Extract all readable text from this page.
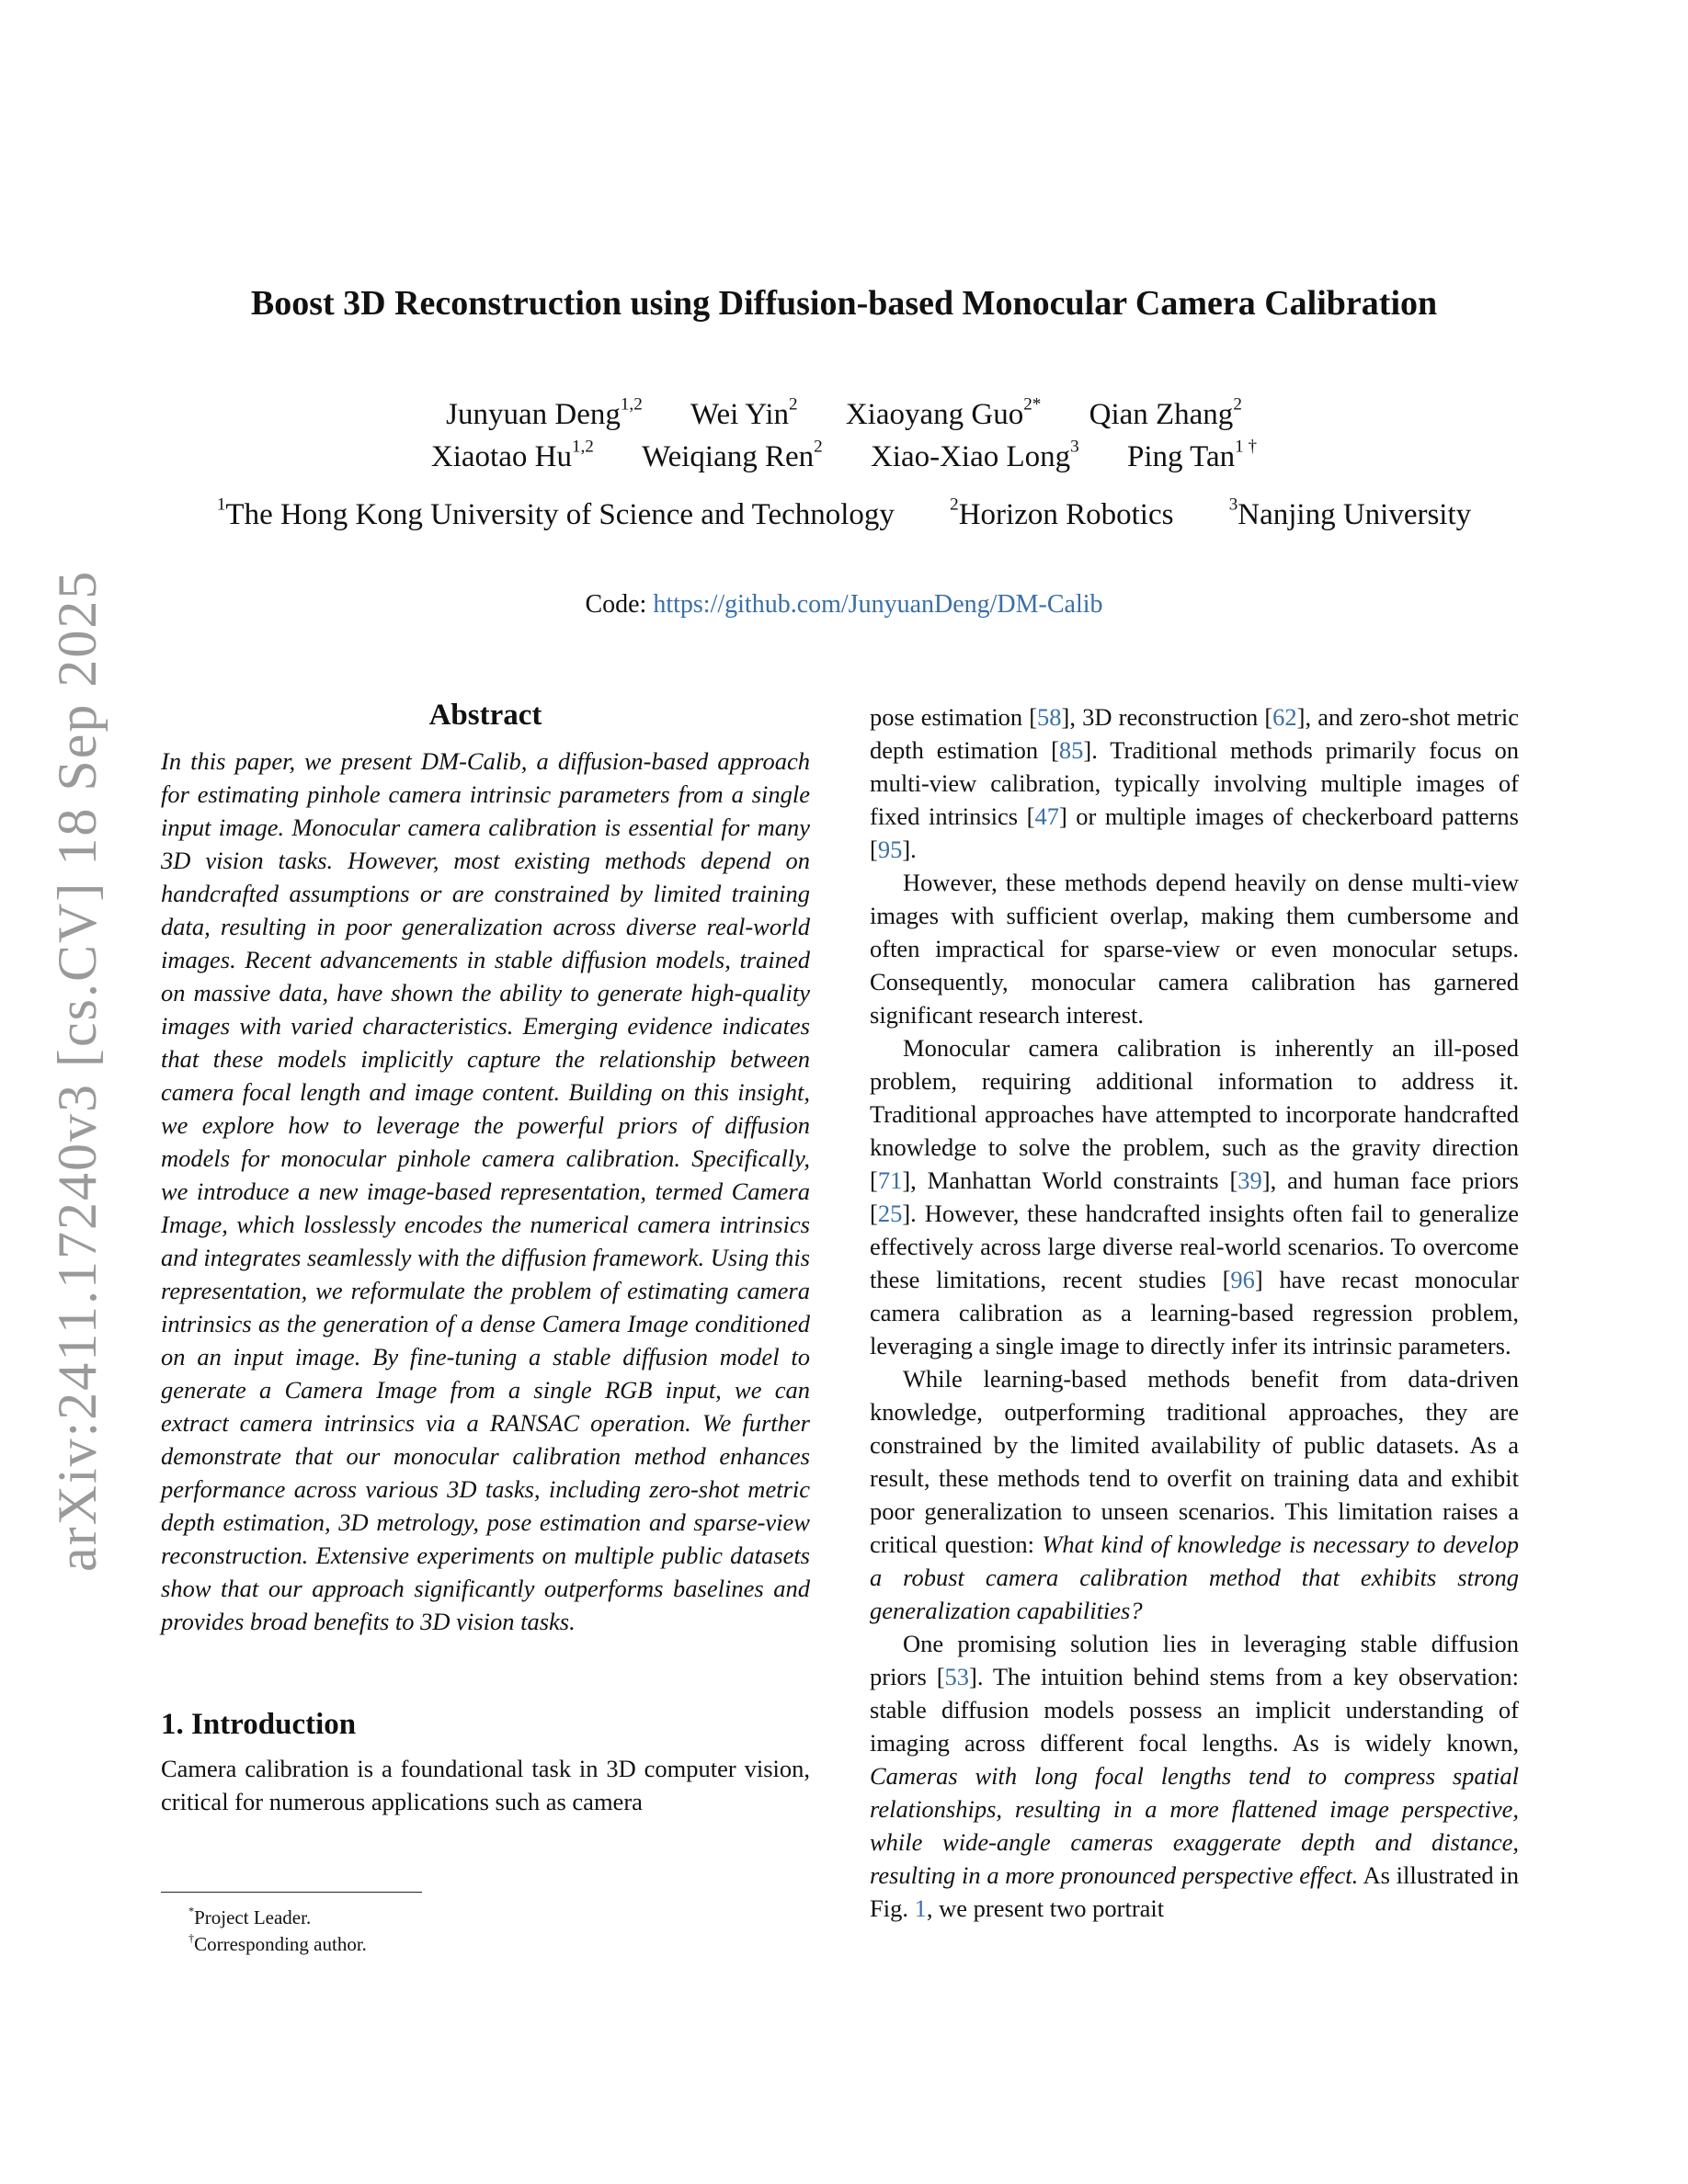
arXiv:2411.17240v3 [cs.CV] 18 Sep 2025
Boost 3D Reconstruction using Diffusion-based Monocular Camera Calibration
Junyuan Deng$^{1,2}$ Wei Yin$^2$ Xiaoyang Guo$^{2*}$ Qian Zhang$^2$
Xiaotao Hu$^{1,2}$ Weiqiang Ren$^2$ Xiao-Xiao Long$^3$ Ping Tan$^{1 \dagger}$
$^1$The Hong Kong University of Science and Technology	$^2$Horizon Robotics	$^3$Nanjing University
Code: https://github.com/JunyuanDeng/DM-Calib
Abstract

In this paper, we present DM-Calib, a diffusion-based approach for estimating pinhole camera intrinsic parameters from a single input image. Monocular camera calibration is essential for many 3D vision tasks. However, most existing methods depend on handcrafted assumptions or are constrained by limited training data, resulting in poor generalization across diverse real-world images. Recent advancements in stable diffusion models, trained on massive data, have shown the ability to generate high-quality images with varied characteristics. Emerging evidence indicates that these models implicitly capture the relationship between camera focal length and image content. Building on this insight, we explore how to leverage the powerful priors of diffusion models for monocular pinhole camera calibration. Specifically, we introduce a new image-based representation, termed Camera Image, which losslessly encodes the numerical camera intrinsics and integrates seamlessly with the diffusion framework. Using this representation, we reformulate the problem of estimating camera intrinsics as the generation of a dense Camera Image conditioned on an input image. By fine-tuning a stable diffusion model to generate a Camera Image from a single RGB input, we can extract camera intrinsics via a RANSAC operation. We further demonstrate that our monocular calibration method enhances performance across various 3D tasks, including zero-shot metric depth estimation, 3D metrology, pose estimation and sparse-view reconstruction. Extensive experiments on multiple public datasets show that our approach significantly outperforms baselines and provides broad benefits to 3D vision tasks.

1. Introduction

Camera calibration is a foundational task in 3D computer vision, critical for numerous applications such as camera

*Project Leader.
†Corresponding author.

pose estimation [58], 3D reconstruction [62], and zero-shot metric depth estimation [85]. Traditional methods primarily focus on multi-view calibration, typically involving multiple images of fixed intrinsics [47] or multiple images of checkerboard patterns [95].

However, these methods depend heavily on dense multi-view images with sufficient overlap, making them cumbersome and often impractical for sparse-view or even monocular setups. Consequently, monocular camera calibration has garnered significant research interest.

Monocular camera calibration is inherently an ill-posed problem, requiring additional information to address it. Traditional approaches have attempted to incorporate handcrafted knowledge to solve the problem, such as the gravity direction [71], Manhattan World constraints [39], and human face priors [25]. However, these handcrafted insights often fail to generalize effectively across large diverse real-world scenarios. To overcome these limitations, recent studies [96] have recast monocular camera calibration as a learning-based regression problem, leveraging a single image to directly infer its intrinsic parameters.

While learning-based methods benefit from data-driven knowledge, outperforming traditional approaches, they are constrained by the limited availability of public datasets. As a result, these methods tend to overfit on training data and exhibit poor generalization to unseen scenarios. This limitation raises a critical question: What kind of knowledge is necessary to develop a robust camera calibration method that exhibits strong generalization capabilities?

One promising solution lies in leveraging stable diffusion priors [53]. The intuition behind stems from a key observation: stable diffusion models possess an implicit understanding of imaging across different focal lengths. As is widely known, Cameras with long focal lengths tend to compress spatial relationships, resulting in a more flattened image perspective, while wide-angle cameras exaggerate depth and distance, resulting in a more pronounced perspective effect. As illustrated in Fig. 1, we present two portrait
